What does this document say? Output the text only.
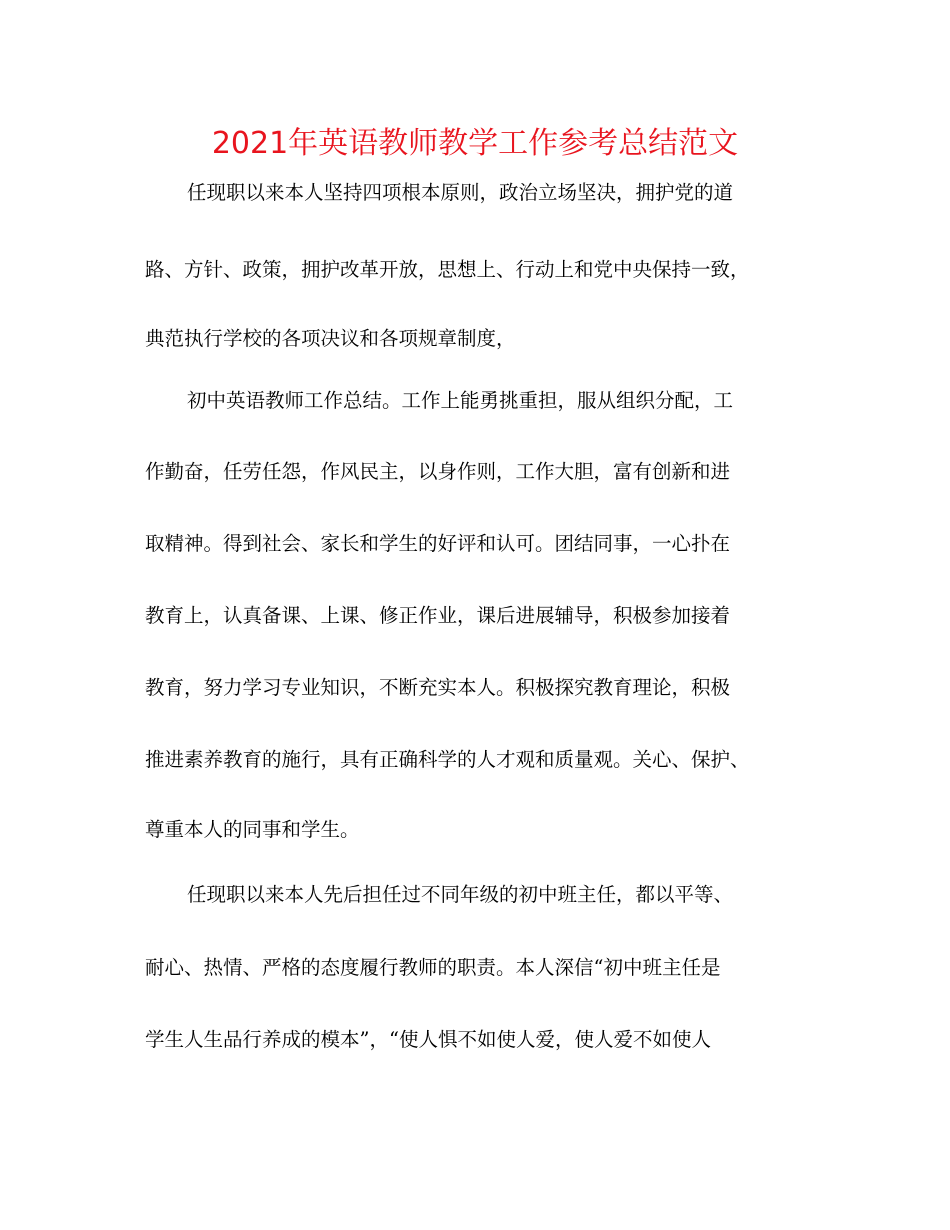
2021年英语教师教学工作参考总结范文

任现职以来本人坚持四项根本原则，政治立场坚决，拥护党的道

路、方针、政策，拥护改革开放，思想上、行动上和党中央保持一致，

典范执行学校的各项决议和各项规章制度，

初中英语教师工作总结。工作上能勇挑重担，服从组织分配，工

作勤奋，任劳任怨，作风民主，以身作则，工作大胆，富有创新和进

取精神。得到社会、家长和学生的好评和认可。团结同事，一心扑在

教育上，认真备课、上课、修正作业，课后进展辅导，积极参加接着

教育，努力学习专业知识，不断充实本人。积极探究教育理论，积极

推进素养教育的施行，具有正确科学的人才观和质量观。关心、保护、

尊重本人的同事和学生。

任现职以来本人先后担任过不同年级的初中班主任，都以平等、

耐心、热情、严格的态度履行教师的职责。本人深信“初中班主任是

学生人生品行养成的模本”，“使人惧不如使人爱，使人爱不如使人
